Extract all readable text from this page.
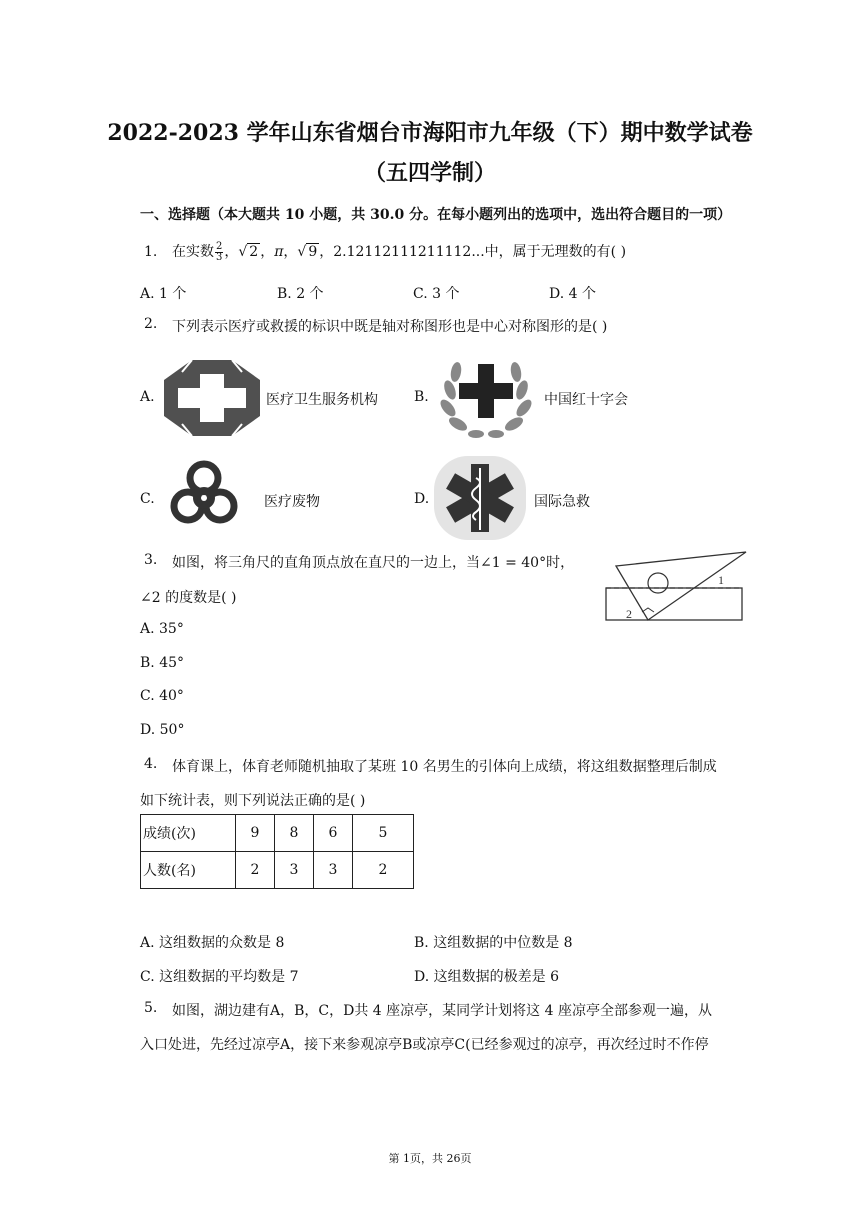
2022-2023 学年山东省烟台市海阳市九年级（下）期中数学试卷
（五四学制）
一、选择题（本大题共 10 小题，共 30.0 分。在每小题列出的选项中，选出符合题目的一项）
1. 在实数 $\frac{2}{3}$ ，√ 2 ，π，√ 9 ，2.12112111211112...中，属于无理数的有( )
A. 1 个	B. 2 个	C. 3 个	D. 4 个
2. 下列表示医疗或救援的标识中既是轴对称图形也是中心对称图形的是( )
A.	医疗卫生服务机构	B.	中国红十字会
C.	医疗废物	D.	国际急救
3. 如图，将三角尺的直角顶点放在直尺的一边上，当∠1 = 40°时，
∠2 的度数是( )
A. 35°
B. 45°
C. 40°
D. 50°
1
2
4. 体育课上，体育老师随机抽取了某班 10 名男生的引体向上成绩，将这组数据整理后制成
如下统计表，则下列说法正确的是( )
成绩(次)	9	8	6	5
人数(名)	2	3	3	2
A. 这组数据的众数是 8	B. 这组数据的中位数是 8
C. 这组数据的平均数是 7	D. 这组数据的极差是 6
5. 如图，湖边建有A，B，C，D共 4 座凉亭，某同学计划将这 4 座凉亭全部参观一遍，从
入口处进，先经过凉亭A，接下来参观凉亭B或凉亭C(已经参观过的凉亭，再次经过时不作停
第 1页，共 26页
